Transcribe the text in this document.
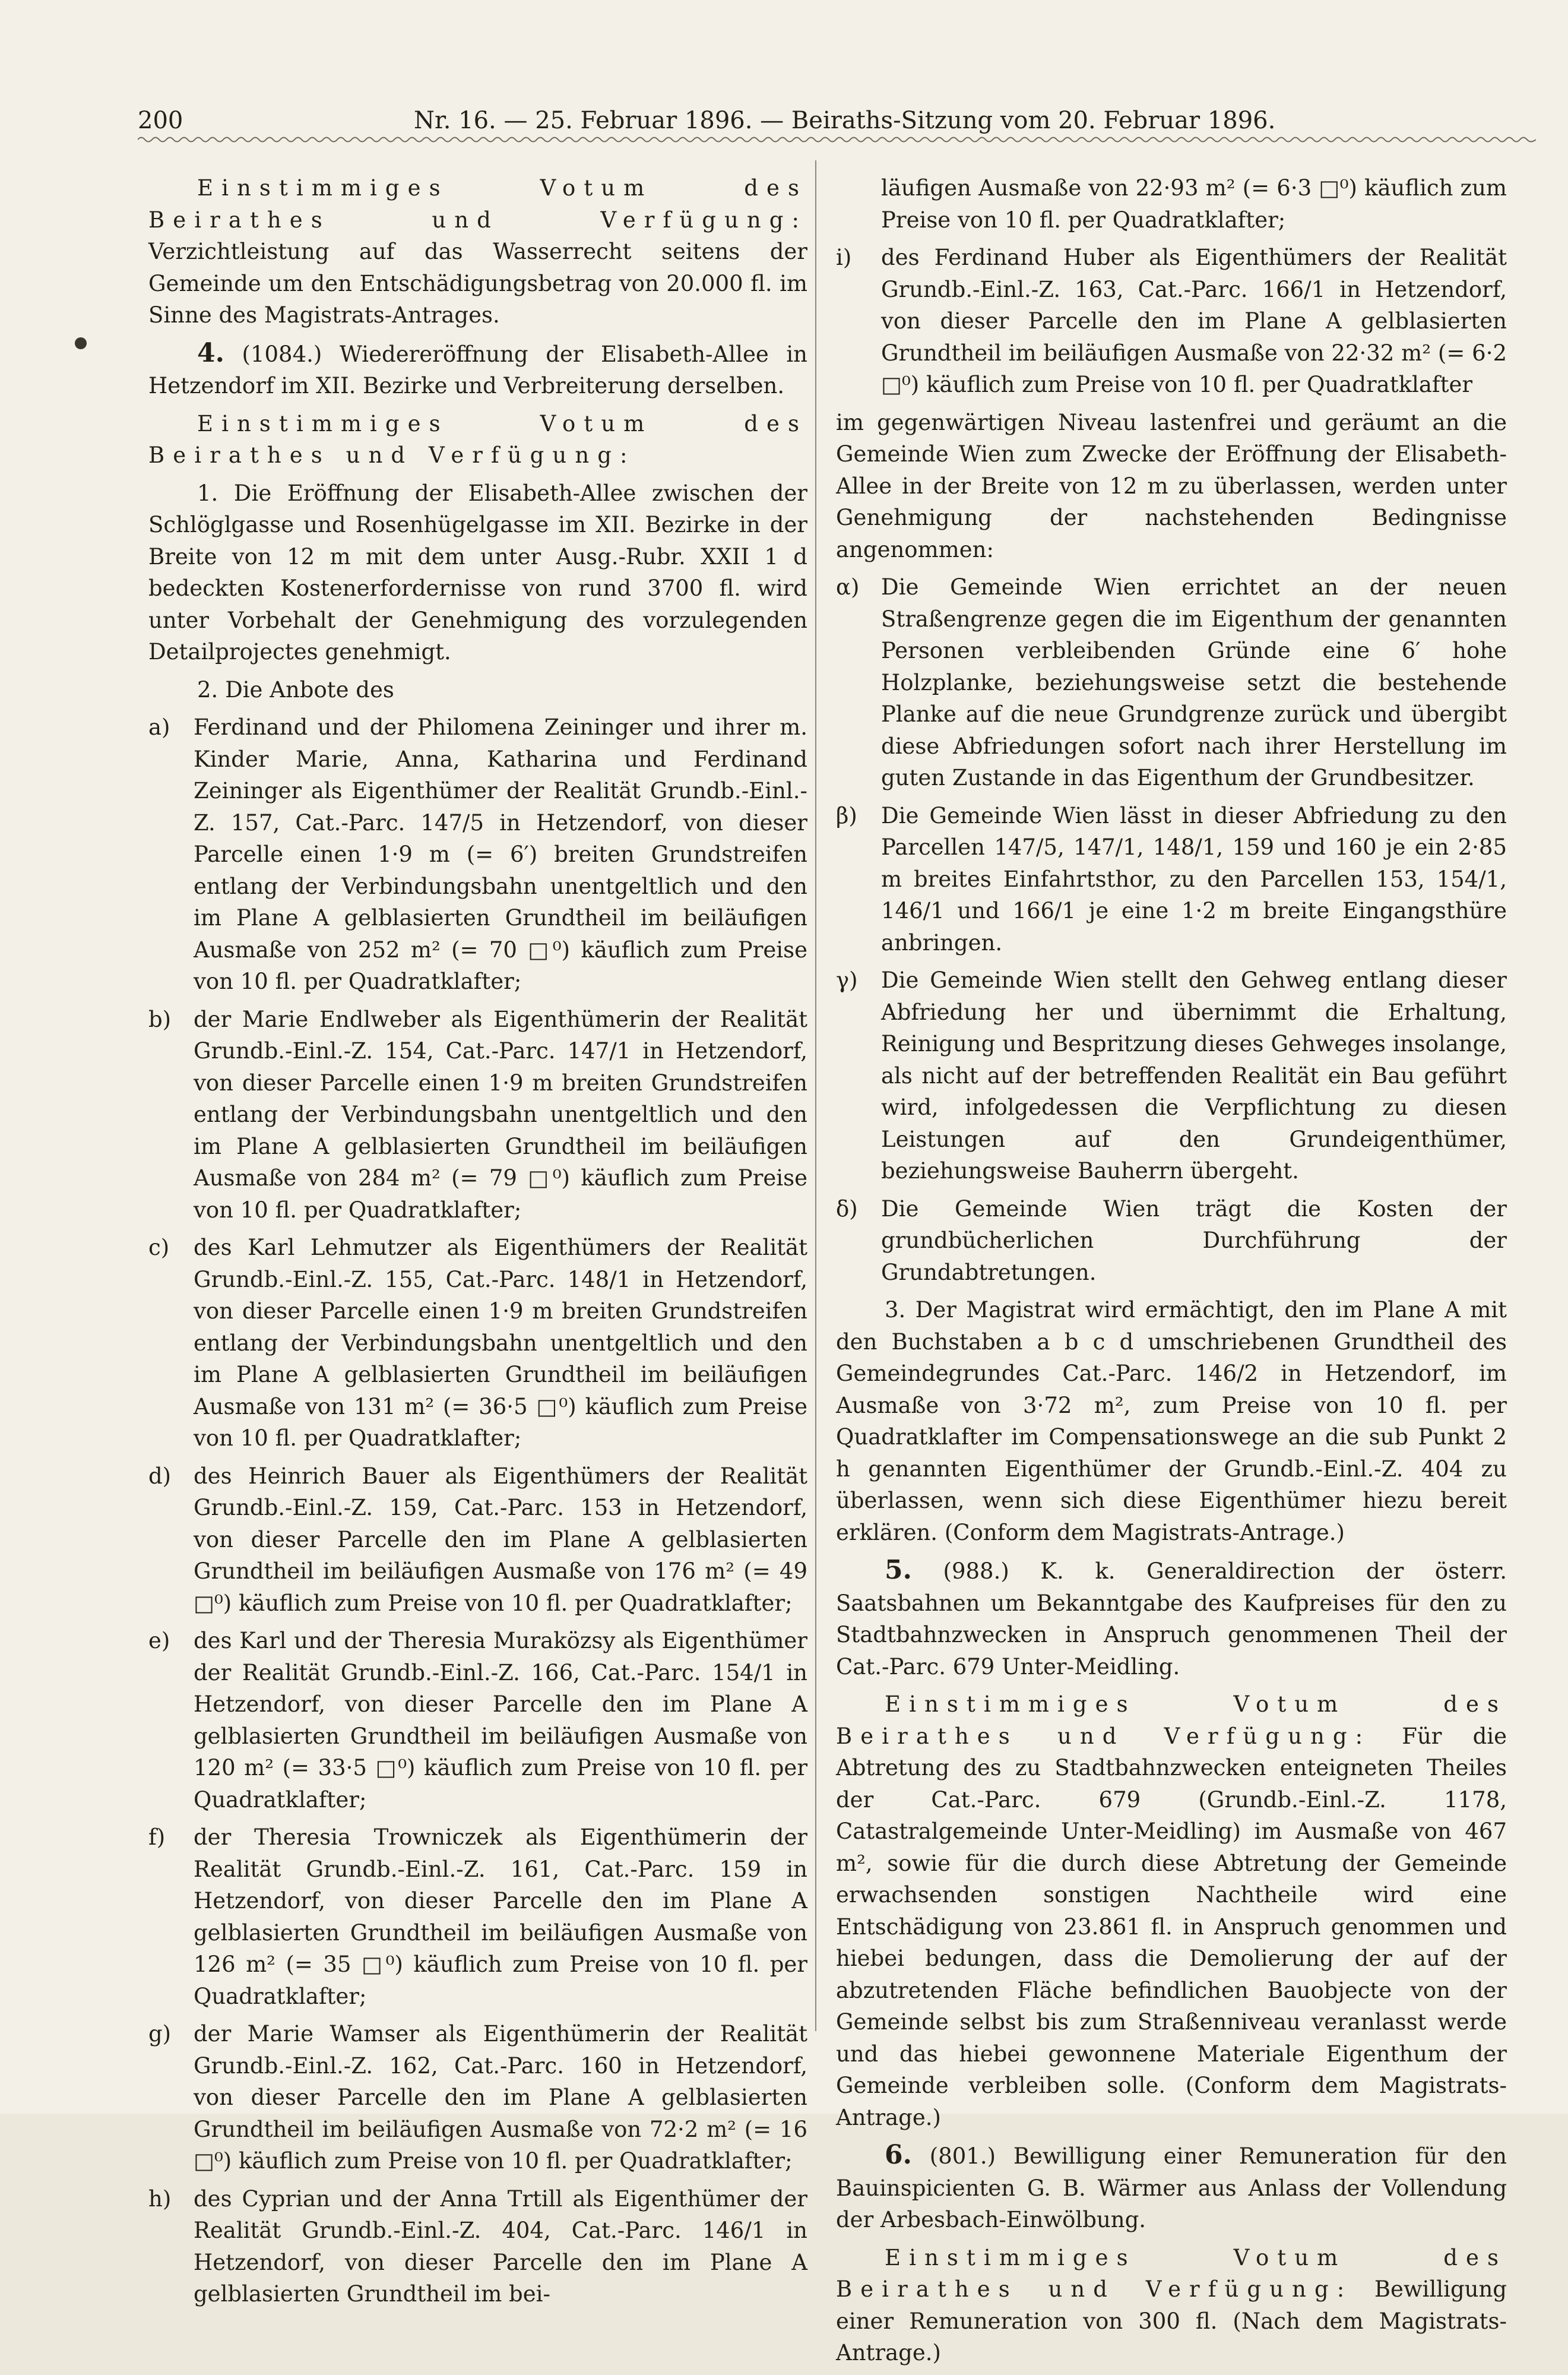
200	Nr. 16. — 25. Februar 1896. — Beiraths-Sitzung vom 20. Februar 1896.

Einstimmiges Votum des Beirathes und Verfügung: Verzichtleistung auf das Wasserrecht seitens der Gemeinde um den Entschädigungsbetrag von 20.000 fl. im Sinne des Magistrats-Antrages.

4. (1084.) Wiedereröffnung der Elisabeth-Allee in Hetzendorf im XII. Bezirke und Verbreiterung derselben.

Einstimmiges Votum des Beirathes und Verfügung:

1. Die Eröffnung der Elisabeth-Allee zwischen der Schlöglgasse und Rosenhügelgasse im XII. Bezirke in der Breite von 12 m mit dem unter Ausg.-Rubr. XXII 1 d bedeckten Kostenerfordernisse von rund 3700 fl. wird unter Vorbehalt der Genehmigung des vorzulegenden Detailprojectes genehmigt.

2. Die Anbote des

a)	Ferdinand und der Philomena Zeininger und ihrer m. Kinder Marie, Anna, Katharina und Ferdinand Zeininger als Eigenthümer der Realität Grundb.-Einl.-Z. 157, Cat.-Parc. 147/5 in Hetzendorf, von dieser Parcelle einen 1·9 m (= 6′) breiten Grundstreifen entlang der Verbindungsbahn unentgeltlich und den im Plane A gelblasierten Grundtheil im beiläufigen Ausmaße von 252 m² (= 70 □⁰) käuflich zum Preise von 10 fl. per Quadratklafter;
b)	der Marie Endlweber als Eigenthümerin der Realität Grundb.-Einl.-Z. 154, Cat.-Parc. 147/1 in Hetzendorf, von dieser Parcelle einen 1·9 m breiten Grundstreifen entlang der Verbindungsbahn unentgeltlich und den im Plane A gelblasierten Grundtheil im beiläufigen Ausmaße von 284 m² (= 79 □⁰) käuflich zum Preise von 10 fl. per Quadratklafter;
c)	des Karl Lehmutzer als Eigenthümers der Realität Grundb.-Einl.-Z. 155, Cat.-Parc. 148/1 in Hetzendorf, von dieser Parcelle einen 1·9 m breiten Grundstreifen entlang der Verbindungsbahn unentgeltlich und den im Plane A gelblasierten Grundtheil im beiläufigen Ausmaße von 131 m² (= 36·5 □⁰) käuflich zum Preise von 10 fl. per Quadratklafter;
d)	des Heinrich Bauer als Eigenthümers der Realität Grundb.-Einl.-Z. 159, Cat.-Parc. 153 in Hetzendorf, von dieser Parcelle den im Plane A gelblasierten Grundtheil im beiläufigen Ausmaße von 176 m² (= 49 □⁰) käuflich zum Preise von 10 fl. per Quadratklafter;
e)	des Karl und der Theresia Muraközsy als Eigenthümer der Realität Grundb.-Einl.-Z. 166, Cat.-Parc. 154/1 in Hetzendorf, von dieser Parcelle den im Plane A gelblasierten Grundtheil im beiläufigen Ausmaße von 120 m² (= 33·5 □⁰) käuflich zum Preise von 10 fl. per Quadratklafter;
f)	der Theresia Trowniczek als Eigenthümerin der Realität Grundb.-Einl.-Z. 161, Cat.-Parc. 159 in Hetzendorf, von dieser Parcelle den im Plane A gelblasierten Grundtheil im beiläufigen Ausmaße von 126 m² (= 35 □⁰) käuflich zum Preise von 10 fl. per Quadratklafter;
g)	der Marie Wamser als Eigenthümerin der Realität Grundb.-Einl.-Z. 162, Cat.-Parc. 160 in Hetzendorf, von dieser Parcelle den im Plane A gelblasierten Grundtheil im beiläufigen Ausmaße von 72·2 m² (= 16 □⁰) käuflich zum Preise von 10 fl. per Quadratklafter;
h)	des Cyprian und der Anna Trtill als Eigenthümer der Realität Grundb.-Einl.-Z. 404, Cat.-Parc. 146/1 in Hetzendorf, von dieser Parcelle den im Plane A gelblasierten Grundtheil im bei-
läufigen Ausmaße von 22·93 m² (= 6·3 □⁰) käuflich zum Preise von 10 fl. per Quadratklafter;
i)	des Ferdinand Huber als Eigenthümers der Realität Grundb.-Einl.-Z. 163, Cat.-Parc. 166/1 in Hetzendorf, von dieser Parcelle den im Plane A gelblasierten Grundtheil im beiläufigen Ausmaße von 22·32 m² (= 6·2 □⁰) käuflich zum Preise von 10 fl. per Quadratklafter

im gegenwärtigen Niveau lastenfrei und geräumt an die Gemeinde Wien zum Zwecke der Eröffnung der Elisabeth-Allee in der Breite von 12 m zu überlassen, werden unter Genehmigung der nachstehenden Bedingnisse angenommen:

α) Die Gemeinde Wien errichtet an der neuen Straßengrenze gegen die im Eigenthum der genannten Personen verbleibenden Gründe eine 6′ hohe Holzplanke, beziehungsweise setzt die bestehende Planke auf die neue Grundgrenze zurück und übergibt diese Abfriedungen sofort nach ihrer Herstellung im guten Zustande in das Eigenthum der Grundbesitzer.
β)	Die Gemeinde Wien lässt in dieser Abfriedung zu den Parcellen 147/5, 147/1, 148/1, 159 und 160 je ein 2·85 m breites Einfahrtsthor, zu den Parcellen 153, 154/1, 146/1 und 166/1 je eine 1·2 m breite Eingangsthüre anbringen.
γ)	Die Gemeinde Wien stellt den Gehweg entlang dieser Abfriedung her und übernimmt die Erhaltung, Reinigung und Bespritzung dieses Gehweges insolange, als nicht auf der betreffenden Realität ein Bau geführt wird, infolgedessen die Verpflichtung zu diesen Leistungen auf den Grundeigenthümer, beziehungsweise Bauherrn übergeht.
δ)	Die Gemeinde Wien trägt die Kosten der grundbücherlichen Durchführung der Grundabtretungen.

3. Der Magistrat wird ermächtigt, den im Plane A mit den Buchstaben a b c d umschriebenen Grundtheil des Gemeindegrundes Cat.-Parc. 146/2 in Hetzendorf, im Ausmaße von 3·72 m², zum Preise von 10 fl. per Quadratklafter im Compensationswege an die sub Punkt 2 h genannten Eigenthümer der Grundb.-Einl.-Z. 404 zu überlassen, wenn sich diese Eigenthümer hiezu bereit erklären. (Conform dem Magistrats-Antrage.)

5. (988.) K. k. Generaldirection der österr. Saatsbahnen um Bekanntgabe des Kaufpreises für den zu Stadtbahnzwecken in Anspruch genommenen Theil der Cat.-Parc. 679 Unter-Meidling.

Einstimmiges Votum des Beirathes und Verfügung: Für die Abtretung des zu Stadtbahnzwecken enteigneten Theiles der Cat.-Parc. 679 (Grundb.-Einl.-Z. 1178, Catastralgemeinde Unter-Meidling) im Ausmaße von 467 m², sowie für die durch diese Abtretung der Gemeinde erwachsenden sonstigen Nachtheile wird eine Entschädigung von 23.861 fl. in Anspruch genommen und hiebei bedungen, dass die Demolierung der auf der abzutretenden Fläche befindlichen Bauobjecte von der Gemeinde selbst bis zum Straßenniveau veranlasst werde und das hiebei gewonnene Materiale Eigenthum der Gemeinde verbleiben solle. (Conform dem Magistrats-Antrage.)

6. (801.) Bewilligung einer Remuneration für den Bauinspicienten G. B. Wärmer aus Anlass der Vollendung der Arbesbach-Einwölbung.

Einstimmiges Votum des Beirathes und Verfügung: Bewilligung einer Remuneration von 300 fl. (Nach dem Magistrats-Antrage.)
